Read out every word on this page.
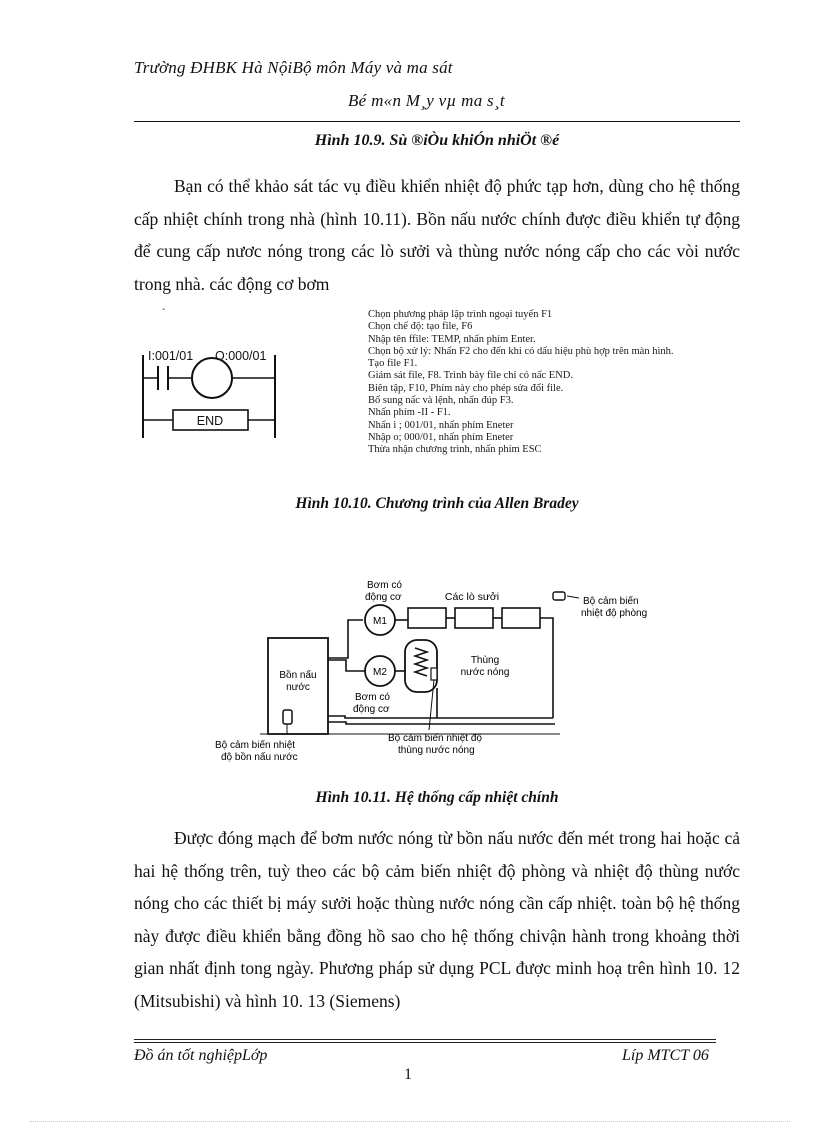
Trường ĐHBK Hà NộiBộ môn Máy và ma sát
Bé m«n M¸y vµ ma s¸t
Hình 10.9. Sù ®iÒu khiÓn nhiÖt ®é
Bạn có thể khảo sát tác vụ điều khiển nhiệt độ phức tạp hơn, dùng cho hệ thống cấp nhiệt chính trong nhà (hình 10.11). Bồn nấu nước chính được điều khiển tự động để cung cấp nươc nóng trong các lò sưởi và thùng nước nóng cấp cho các vòi nước trong nhà. các động cơ bơm
-
I:001/01 O:000/01
END
Chọn phương pháp lập trình ngoại tuyến F1
Chọn chế độ: tạo file, F6
Nhập tên ffile: TEMP, nhấn phím Enter.
Chọn bộ xử lý: Nhấn F2 cho đến khi có dấu hiệu phù hợp trên màn hình.
Tạo file F1.
Giám sát file, F8. Trình bày file chỉ có nấc END.
Biên tập, F10, Phím này cho phép sửa đổi file.
Bổ sung nấc và lệnh, nhấn đúp F3.
Nhấn phím -II - F1.
Nhấn i ; 001/01, nhấn phím Eneter
Nhập o; 000/01, nhấn phím Eneter
Thừa nhận chương trình, nhấn phím ESC
Hình 10.10. Chương trình của Allen Bradey
Bồn nấu
nước
M1
Bơm có
động cơ	Các lò sưởi	Bộ cảm biến
nhiệt độ phòng
M2
Bơm có
động cơ
Thùng
nước nóng
Bộ cảm biến nhiệt
độ bồn nấu nước
Bộ cảm biến nhiệt độ
thùng nước nóng
Hình 10.11. Hệ thống cấp nhiệt chính
Được đóng mạch để bơm nước nóng từ bồn nấu nước đến mét trong hai hoặc cả hai hệ thống trên, tuỳ theo các bộ cảm biến nhiệt độ phòng và nhiệt độ thùng nước nóng cho các thiết bị máy sưởi hoặc thùng nước nóng cần cấp nhiệt. toàn bộ hệ thống này được điều khiển bằng đồng hồ sao cho hệ thống chivận hành trong khoảng thời gian nhất định tong ngày. Phương pháp sử dụng PCL được minh hoạ trên hình 10. 12 (Mitsubishi) và hình 10. 13 (Siemens)
Đồ án tốt nghiệpLớp	Líp MTCT 06
1
